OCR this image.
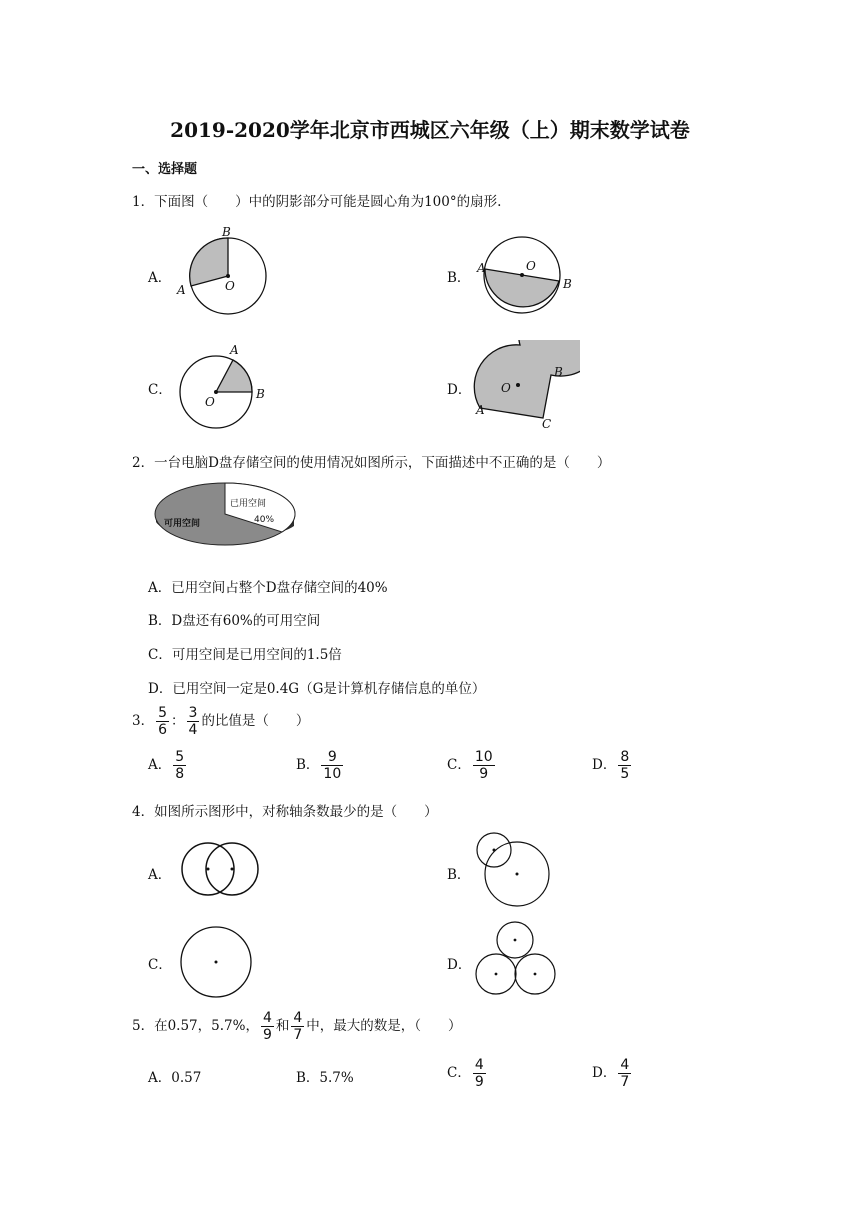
2019-2020学年北京市西城区六年级（上）期末数学试卷
一、选择题
1．下面图（　　）中的阴影部分可能是圆心角为100°的扇形.
A．
B
A	O	B．
A	O
B
C．
A
O
B	D． O
B
A
C
2．一台电脑D盘存储空间的使用情况如图所示，下面描述中不正确的是（　　）
已用空间
40%
可用空间
A．已用空间占整个D盘存储空间的40%
B．D盘还有60%的可用空间
C．可用空间是已用空间的1.5倍
D．已用空间一定是0.4G（G是计算机存储信息的单位）
3． $\frac{5}{6}$ ： $\frac{3}{4}$ 的比值是（　　）
A． $\frac{5}{8}$	B． $\frac{9}{10}$	C． $\frac{10}{9}$	D． $\frac{8}{5}$
4．如图所示图形中，对称轴条数最少的是（　　）
A．	B．
C．	D．
5．在0.57，5.7%， $\frac{4}{9}$ 和 $\frac{4}{7}$ 中，最大的数是，（　　）
A．0.57	B．5.7%	C． $\frac{4}{9}$	D． $\frac{4}{7}$
